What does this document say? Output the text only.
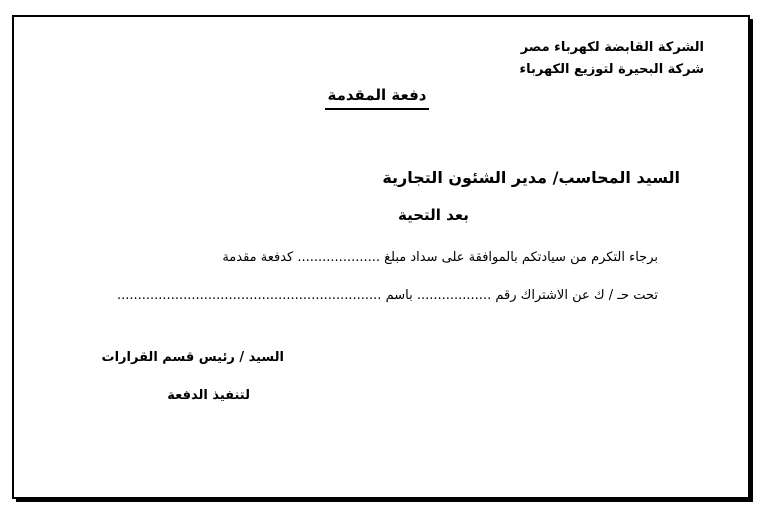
الشركة القابضة لكهرباء مصر
شركة البحيرة لتوزيع الكهرباء
دفعة المقدمة
السيد المحاسب/ مدير الشئون التجارية
بعد التحية
برجاء التكرم من سيادتكم بالموافقة على سداد مبلغ .................... كدفعة مقدمة
تحت حـ / ك عن الاشتراك رقم .................. باسم ................................................................
السيد / رئيس قسم القرارات
لتنفيذ الدفعة
